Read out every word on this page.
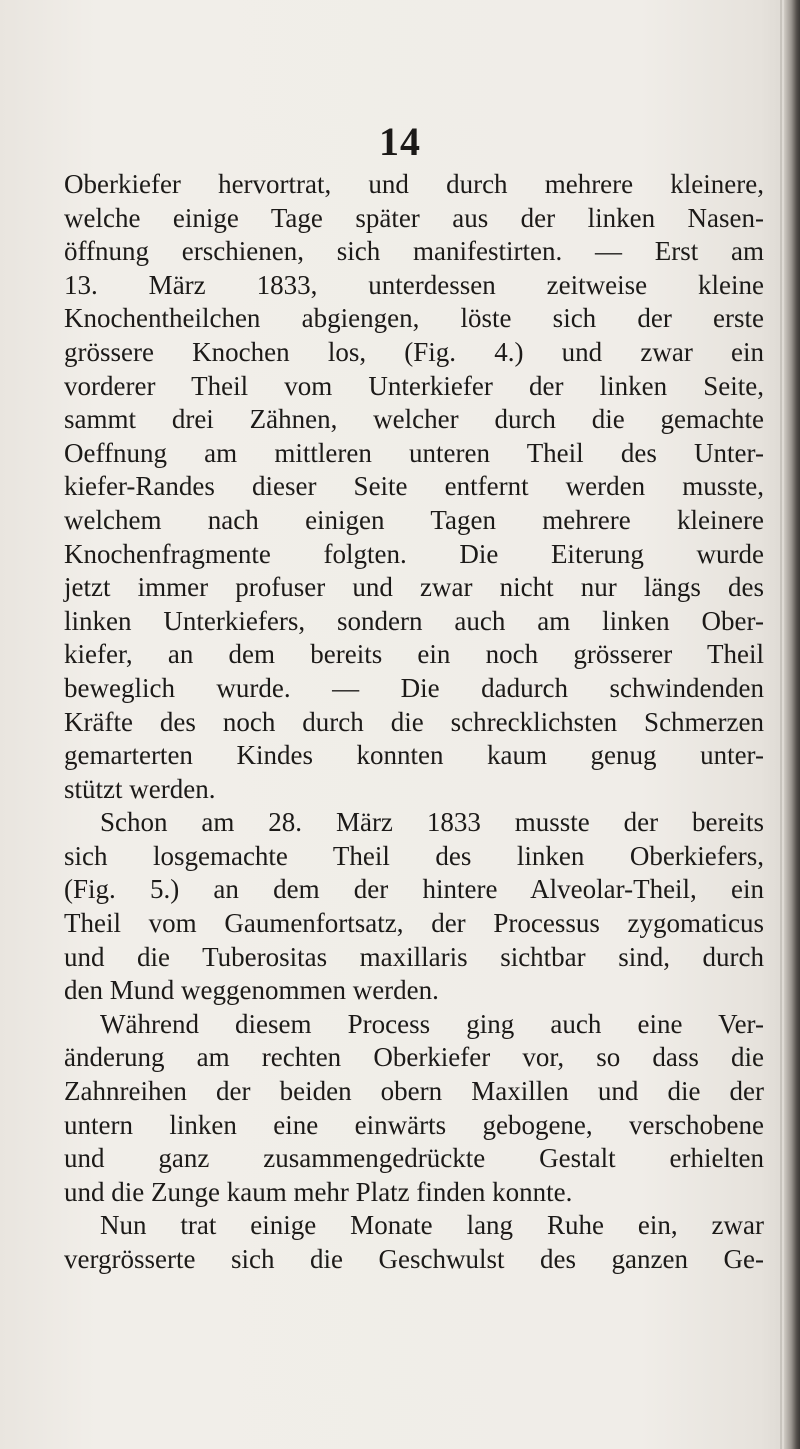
14
Oberkiefer hervortrat, und durch mehrere kleinere,
welche einige Tage später aus der linken Nasen-
öffnung erschienen, sich manifestirten. — Erst am
13. März 1833, unterdessen zeitweise kleine
Knochentheilchen abgiengen, löste sich der erste
grössere Knochen los, (Fig. 4.) und zwar ein
vorderer Theil vom Unterkiefer der linken Seite,
sammt drei Zähnen, welcher durch die gemachte
Oeffnung am mittleren unteren Theil des Unter-
kiefer-Randes dieser Seite entfernt werden musste,
welchem nach einigen Tagen mehrere kleinere
Knochenfragmente folgten. Die Eiterung wurde
jetzt immer profuser und zwar nicht nur längs des
linken Unterkiefers, sondern auch am linken Ober-
kiefer, an dem bereits ein noch grösserer Theil
beweglich wurde. — Die dadurch schwindenden
Kräfte des noch durch die schrecklichsten Schmerzen
gemarterten Kindes konnten kaum genug unter-
stützt werden.
Schon am 28. März 1833 musste der bereits
sich losgemachte Theil des linken Oberkiefers,
(Fig. 5.) an dem der hintere Alveolar-Theil, ein
Theil vom Gaumenfortsatz, der Processus zygomaticus
und die Tuberositas maxillaris sichtbar sind, durch
den Mund weggenommen werden.
Während diesem Process ging auch eine Ver-
änderung am rechten Oberkiefer vor, so dass die
Zahnreihen der beiden obern Maxillen und die der
untern linken eine einwärts gebogene, verschobene
und ganz zusammengedrückte Gestalt erhielten
und die Zunge kaum mehr Platz finden konnte.
Nun trat einige Monate lang Ruhe ein, zwar
vergrösserte sich die Geschwulst des ganzen Ge-
